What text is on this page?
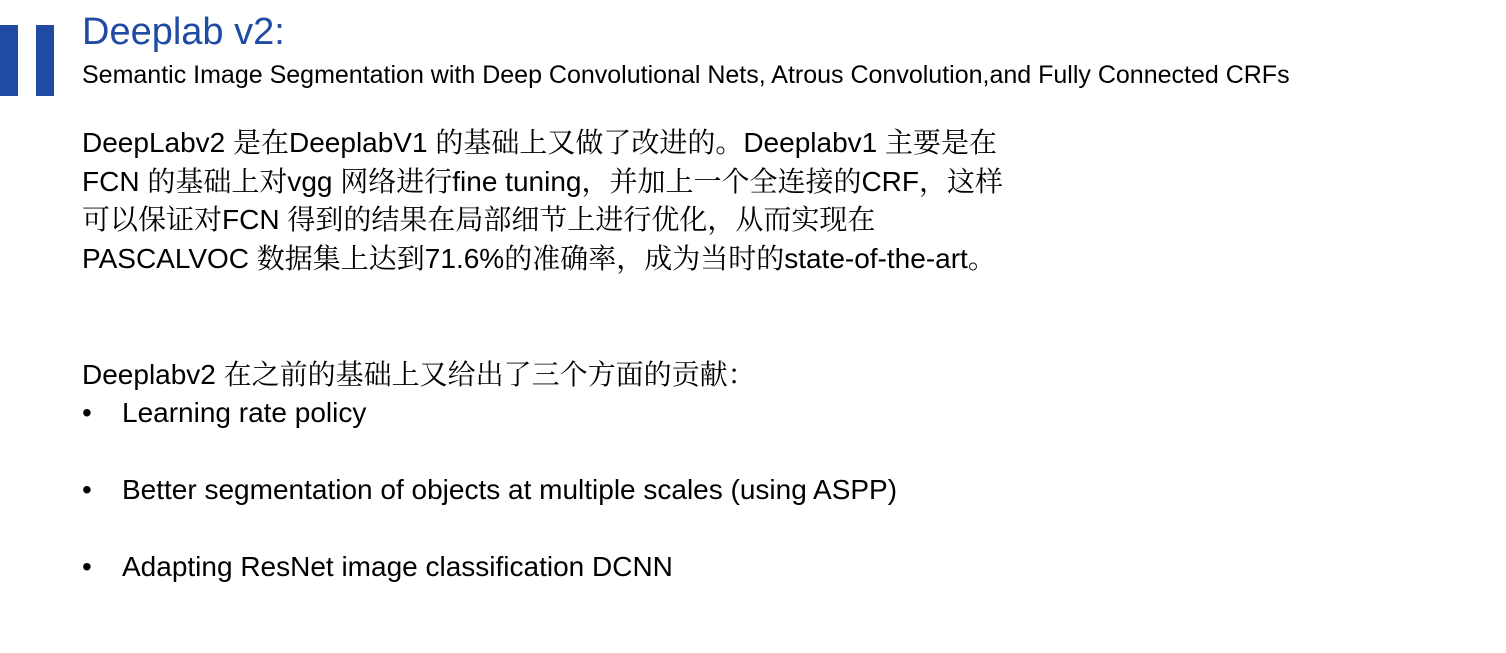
Deeplab v2:
Semantic Image Segmentation with Deep Convolutional Nets, Atrous Convolution,and Fully Connected CRFs
DeepLabv2 是在DeeplabV1 的基础上又做了改进的。Deeplabv1 主要是在
FCN 的基础上对vgg 网络进行fine tuning，并加上一个全连接的CRF，这样
可以保证对FCN 得到的结果在局部细节上进行优化，从而实现在
PASCALVOC 数据集上达到71.6%的准确率，成为当时的state-of-the-art。
Deeplabv2 在之前的基础上又给出了三个方面的贡献：
• Learning rate policy
• Better segmentation of objects at multiple scales (using ASPP)
• Adapting ResNet image classification DCNN
